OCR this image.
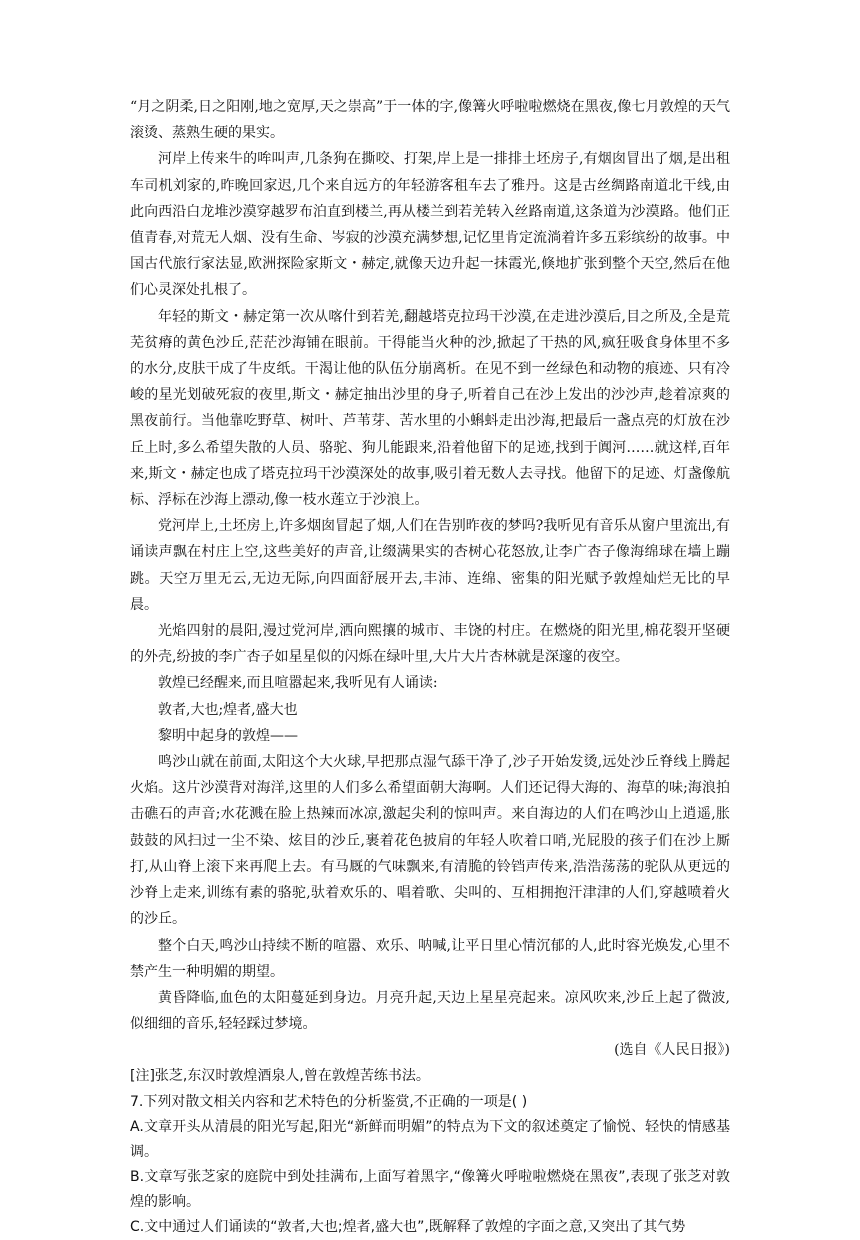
“月之阴柔,日之阳刚,地之宽厚,天之崇高”于一体的字,像篝火呼啦啦燃烧在黑夜,像七月敦煌的天气滚烫、蒸熟生硬的果实。

河岸上传来牛的哞叫声,几条狗在撕咬、打架,岸上是一排排土坯房子,有烟囱冒出了烟,是出租车司机刘家的,昨晚回家迟,几个来自远方的年轻游客租车去了雅丹。这是古丝绸路南道北干线,由此向西沿白龙堆沙漠穿越罗布泊直到楼兰,再从楼兰到若羌转入丝路南道,这条道为沙漠路。他们正值青春,对荒无人烟、没有生命、岑寂的沙漠充满梦想,记忆里肯定流淌着许多五彩缤纷的故事。中国古代旅行家法显,欧洲探险家斯文・赫定,就像天边升起一抹霞光,倏地扩张到整个天空,然后在他们心灵深处扎根了。

年轻的斯文・赫定第一次从喀什到若羌,翻越塔克拉玛干沙漠,在走进沙漠后,目之所及,全是荒芜贫瘠的黄色沙丘,茫茫沙海铺在眼前。干得能当火种的沙,掀起了干热的风,疯狂吸食身体里不多的水分,皮肤干成了牛皮纸。干渴让他的队伍分崩离析。在见不到一丝绿色和动物的痕迹、只有冷峻的星光划破死寂的夜里,斯文・赫定抽出沙里的身子,听着自己在沙上发出的沙沙声,趁着凉爽的黑夜前行。当他靠吃野草、树叶、芦苇芽、苦水里的小蝌蚪走出沙海,把最后一盏点亮的灯放在沙丘上时,多么希望失散的人员、骆驼、狗儿能跟来,沿着他留下的足迹,找到于阗河……就这样,百年来,斯文・赫定也成了塔克拉玛干沙漠深处的故事,吸引着无数人去寻找。他留下的足迹、灯盏像航标、浮标在沙海上漂动,像一枝水莲立于沙浪上。

党河岸上,土坯房上,许多烟囱冒起了烟,人们在告别昨夜的梦吗?我听见有音乐从窗户里流出,有诵读声飘在村庄上空,这些美好的声音,让缀满果实的杏树心花怒放,让李广杏子像海绵球在墙上蹦跳。天空万里无云,无边无际,向四面舒展开去,丰沛、连绵、密集的阳光赋予敦煌灿烂无比的早晨。

光焰四射的晨阳,漫过党河岸,洒向熙攘的城市、丰饶的村庄。在燃烧的阳光里,棉花裂开坚硬的外壳,纷披的李广杏子如星星似的闪烁在绿叶里,大片大片杏林就是深邃的夜空。

敦煌已经醒来,而且喧嚣起来,我听见有人诵读:

敦者,大也;煌者,盛大也

黎明中起身的敦煌——

鸣沙山就在前面,太阳这个大火球,早把那点湿气舔干净了,沙子开始发烫,远处沙丘脊线上腾起火焰。这片沙漠背对海洋,这里的人们多么希望面朝大海啊。人们还记得大海的、海草的味;海浪拍击礁石的声音;水花溅在脸上热辣而冰凉,激起尖利的惊叫声。来自海边的人们在鸣沙山上逍遥,胀鼓鼓的风扫过一尘不染、炫目的沙丘,裹着花色披肩的年轻人吹着口哨,光屁股的孩子们在沙上厮打,从山脊上滚下来再爬上去。有马厩的气味飘来,有清脆的铃铛声传来,浩浩荡荡的驼队从更远的沙脊上走来,训练有素的骆驼,驮着欢乐的、唱着歌、尖叫的、互相拥抱汗津津的人们,穿越喷着火的沙丘。

整个白天,鸣沙山持续不断的喧嚣、欢乐、呐喊,让平日里心情沉郁的人,此时容光焕发,心里不禁产生一种明媚的期望。

黄昏降临,血色的太阳蔓延到身边。月亮升起,天边上星星亮起来。凉风吹来,沙丘上起了微波,似细细的音乐,轻轻踩过梦境。

(选自《人民日报》)

[注]张芝,东汉时敦煌酒泉人,曾在敦煌苦练书法。

7.下列对散文相关内容和艺术特色的分析鉴赏,不正确的一项是( )

A.文章开头从清晨的阳光写起,阳光“新鲜而明媚”的特点为下文的叙述奠定了愉悦、轻快的情感基调。

B.文章写张芝家的庭院中到处挂满布,上面写着黑字,“像篝火呼啦啦燃烧在黑夜”,表现了张芝对敦煌的影响。

C.文中通过人们诵读的“敦者,大也;煌者,盛大也”,既解释了敦煌的字面之意,又突出了其气势
